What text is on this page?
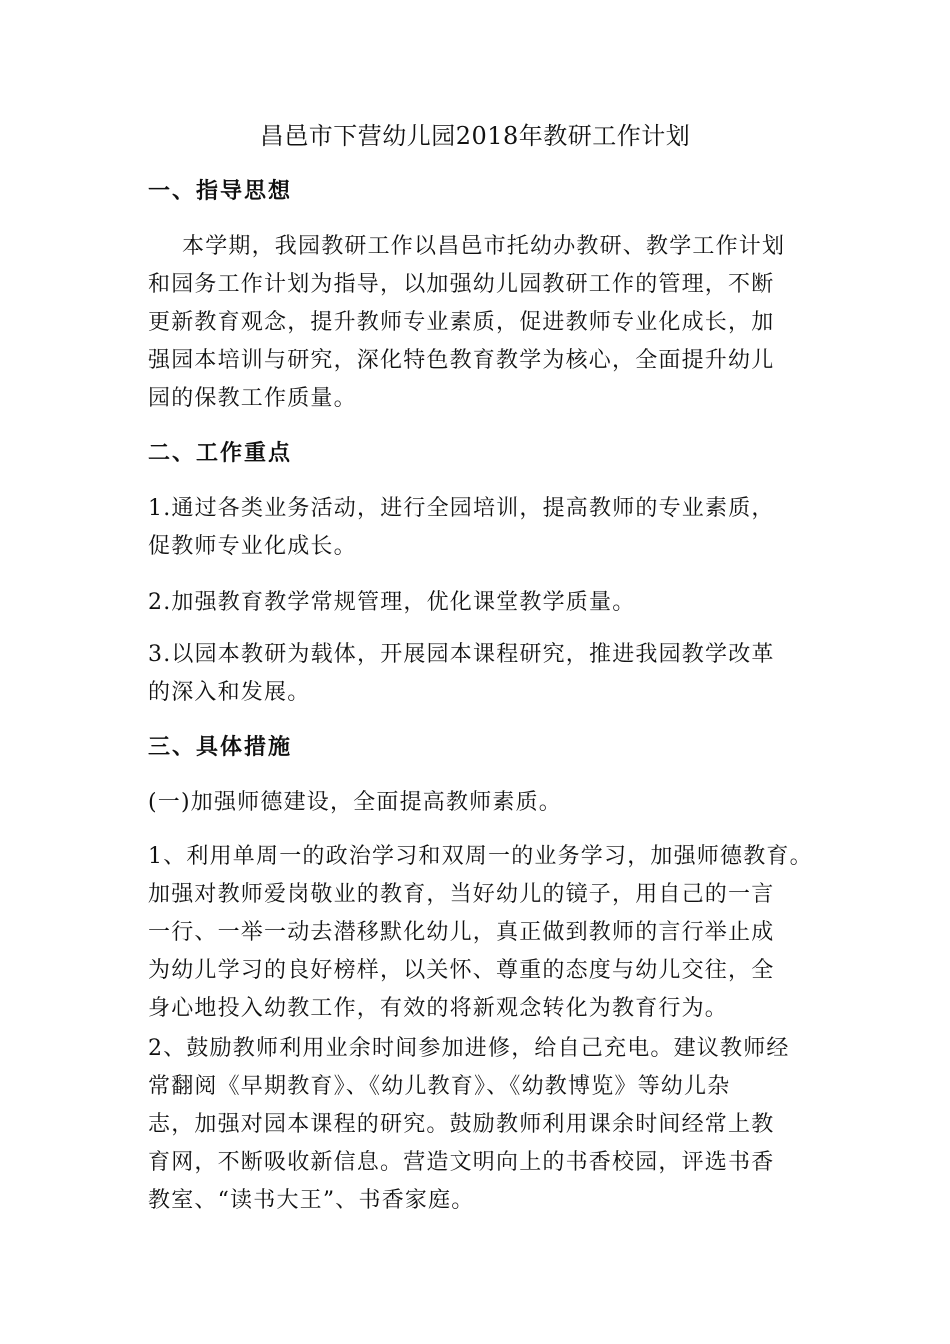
昌邑市下营幼儿园2018年教研工作计划
一、指导思想
本学期，我园教研工作以昌邑市托幼办教研、教学工作计划
和园务工作计划为指导，以加强幼儿园教研工作的管理，不断
更新教育观念，提升教师专业素质，促进教师专业化成长，加
强园本培训与研究，深化特色教育教学为核心，全面提升幼儿
园的保教工作质量。
二、工作重点
1.通过各类业务活动，进行全园培训，提高教师的专业素质，
促教师专业化成长。
2.加强教育教学常规管理，优化课堂教学质量。
3.以园本教研为载体，开展园本课程研究，推进我园教学改革
的深入和发展。
三、具体措施
(一)加强师德建设，全面提高教师素质。
1、利用单周一的政治学习和双周一的业务学习，加强师德教育。
加强对教师爱岗敬业的教育，当好幼儿的镜子，用自己的一言
一行、一举一动去潜移默化幼儿，真正做到教师的言行举止成
为幼儿学习的良好榜样，以关怀、尊重的态度与幼儿交往，全
身心地投入幼教工作，有效的将新观念转化为教育行为。
2、鼓励教师利用业余时间参加进修，给自己充电。建议教师经
常翻阅《早期教育》、《幼儿教育》、《幼教博览》等幼儿杂
志，加强对园本课程的研究。鼓励教师利用课余时间经常上教
育网，不断吸收新信息。营造文明向上的书香校园，评选书香
教室、“读书大王”、书香家庭。
